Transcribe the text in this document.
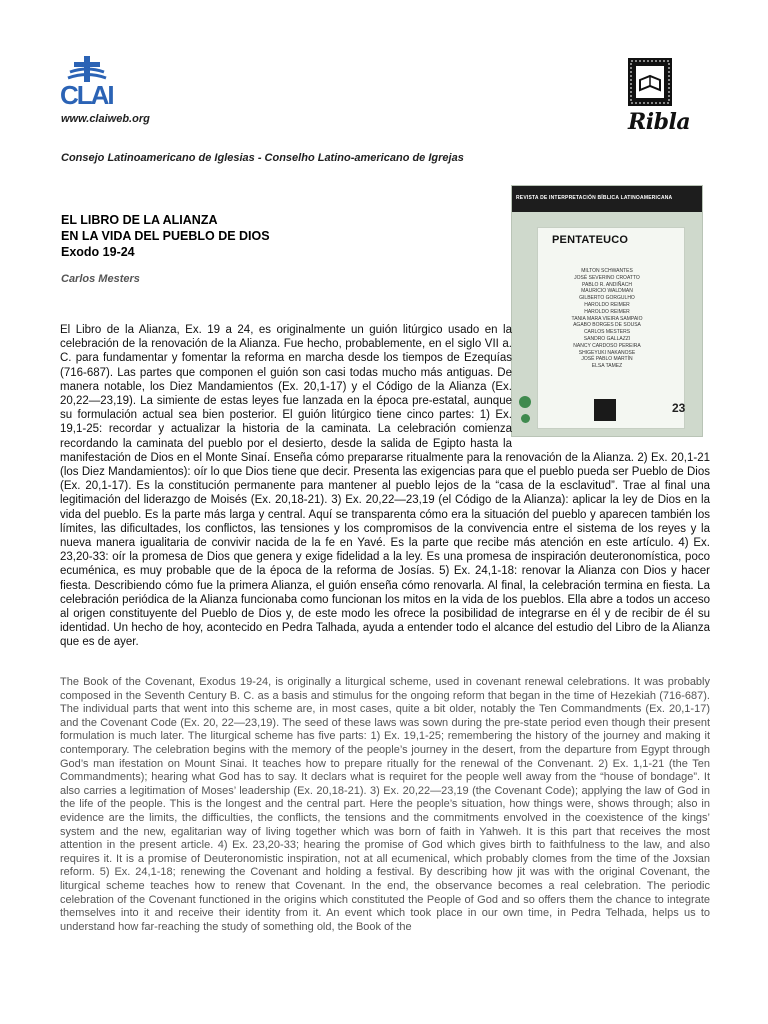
CLAI
www.claiweb.org
Consejo Latinoamericano de Iglesias - Conselho Latino-americano de Igrejas
Ribla
EL LIBRO DE LA ALIANZA
EN LA VIDA DEL PUEBLO DE DIOS
Exodo 19-24
Carlos Mesters
REVISTA DE INTERPRETACIÓN BÍBLICA LATINOAMERICANA
PENTATEUCO
MILTON SCHWANTES
JOSÉ SEVERINO CROATTO
PABLO R. ANDIÑACH
MAURICIO WALDMAN
GILBERTO GORGULHO
HAROLDO REIMER
HAROLDO REIMER
TANIA MARA VIEIRA SAMPAIO
AGABO BORGES DE SOUSA
CARLOS MESTERS
SANDRO GALLAZZI
NANCY CARDOSO PEREIRA
SHIGEYUKI NAKANOSE
JOSÉ PABLO MARTÍN
ELSA TAMEZ
23

El Libro de la Alianza, Ex. 19 a 24, es originalmente un guión litúrgico usado en la celebración de la renovación de la Alianza. Fue hecho, probablemente, en el siglo VII a. C. para fundamentar y fomentar la reforma en marcha desde los tiempos de Ezequías (716-687). Las partes que componen el guión son casi todas mucho más antiguas. De manera notable, los Diez Mandamientos (Ex. 20,1-17) y el Código de la Alianza (Ex. 20,22—23,19). La simiente de estas leyes fue lanzada en la época pre-estatal, aunque su formulación actual sea bien posterior. El guión litúrgico tiene cinco partes: 1) Ex. 19,1-25: recordar y actualizar la historia de la caminata. La celebración comienza recordando la caminata del pueblo por el desierto, desde la salida de Egipto hasta la manifestación de Dios en el Monte Sinaí. Enseña cómo prepararse ritualmente para la renovación de la Alianza. 2) Ex. 20,1-21 (los Diez Mandamientos): oír lo que Dios tiene que decir. Presenta las exigencias para que el pueblo pueda ser Pueblo de Dios (Ex. 20,1-17). Es la constitución permanente para mantener al pueblo lejos de la “casa de la esclavitud”. Trae al final una legitimación del liderazgo de Moisés (Ex. 20,18-21). 3) Ex. 20,22—23,19 (el Código de la Alianza): aplicar la ley de Dios en la vida del pueblo. Es la parte más larga y central. Aquí se transparenta cómo era la situación del pueblo y aparecen también los límites, las dificultades, los conflictos, las tensiones y los compromisos de la convivencia entre el sistema de los reyes y la nueva manera igualitaria de convivir nacida de la fe en Yavé. Es la parte que recibe más atención en este artículo. 4) Ex. 23,20-33: oír la promesa de Dios que genera y exige fidelidad a la ley. Es una promesa de inspiración deuteronomística, poco ecuménica, es muy probable que de la época de la reforma de Josías. 5) Ex. 24,1-18: renovar la Alianza con Dios y hacer fiesta. Describiendo cómo fue la primera Alianza, el guión enseña cómo renovarla. Al final, la celebración termina en fiesta. La celebración periódica de la Alianza funcionaba como funcionan los mitos en la vida de los pueblos. Ella abre a todos un acceso al origen constituyente del Pueblo de Dios y, de este modo les ofrece la posibilidad de integrarse en él y de recibir de él su identidad. Un hecho de hoy, acontecido en Pedra Talhada, ayuda a entender todo el alcance del estudio del Libro de la Alianza que es de ayer.

The Book of the Covenant, Exodus 19-24, is originally a liturgical scheme, used in covenant renewal celebrations. It was probably composed in the Seventh Century B. C. as a basis and stimulus for the ongoing reform that began in the time of Hezekiah (716-687). The individual parts that went into this scheme are, in most cases, quite a bit older, notably the Ten Commandments (Ex. 20,1-17) and the Covenant Code (Ex. 20, 22—23,19). The seed of these laws was sown during the pre-state period even though their present formulation is much later. The liturgical scheme has five parts: 1) Ex. 19,1-25; remembering the history of the journey and making it contemporary. The celebration begins with the memory of the people’s journey in the desert, from the departure from Egypt through God’s man ifestation on Mount Sinai. It teaches how to prepare ritually for the renewal of the Convenant. 2) Ex. 1,1-21 (the Ten Commandments); hearing what God has to say. It declars what is requiret for the people well away from the “house of bondage”. It also carries a legitimation of Moses’ leadership (Ex. 20,18-21). 3) Ex. 20,22—23,19 (the Covenant Code); applying the law of God in the life of the people. This is the longest and the central part. Here the people’s situation, how things were, shows through; also in evidence are the limits, the difficulties, the conflicts, the tensions and the commitments envolved in the coexistence of the kings’ system and the new, egalitarian way of living together which was born of faith in Yahweh. It is this part that receives the most attention in the present article. 4) Ex. 23,20-33; hearing the promise of God which gives birth to faithfulness to the law, and also requires it. It is a promise of Deuteronomistic inspiration, not at all ecumenical, which probably clomes from the time of the Joxsian reform. 5) Ex. 24,1-18; renewing the Covenant and holding a festival. By describing how jit was with the original Covenant, the liturgical scheme teaches how to renew that Covenant. In the end, the observance becomes a real celebration. The periodic celebration of the Covenant functioned in the origins which constituted the People of God and so offers them the chance to integrate themselves into it and receive their identity from it. An event which took place in our own time, in Pedra Telhada, helps us to understand how far-reaching the study of something old, the Book of the
